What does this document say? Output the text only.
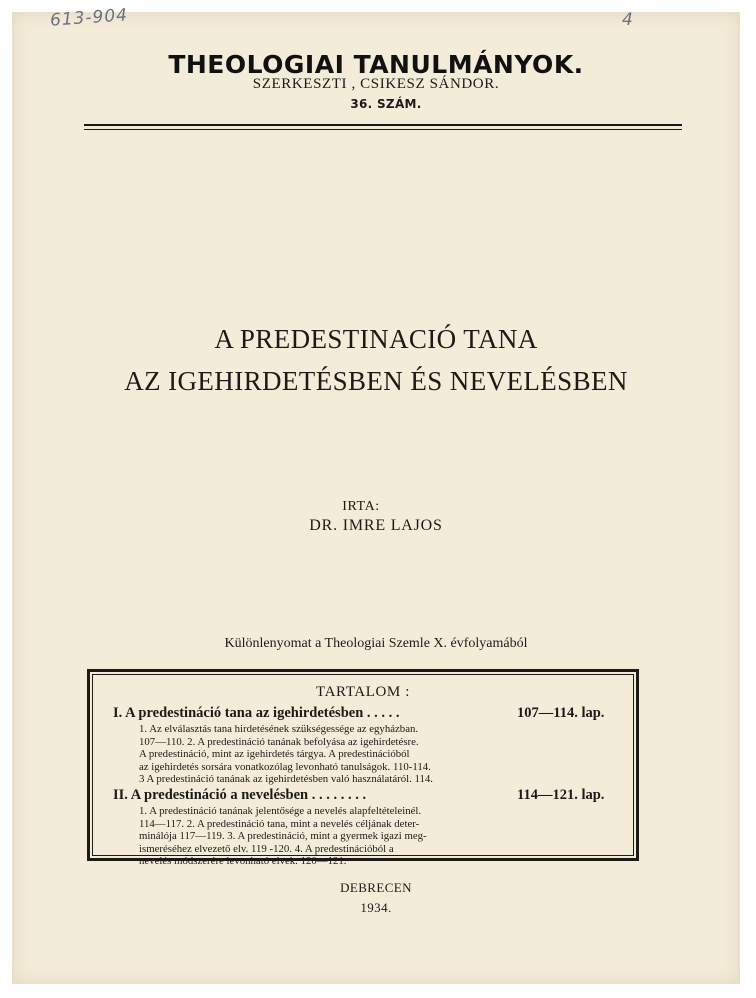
613-904	4
THEOLOGIAI TANULMÁNYOK.
SZERKESZTI , CSIKESZ SÁNDOR.
36. SZÁM.
A PREDESTINACIÓ TANA
AZ IGEHIRDETÉSBEN ÉS NEVELÉSBEN
IRTA:
DR. IMRE LAJOS
Különlenyomat a Theologiai Szemle X. évfolyamából
TARTALOM :
I. A predestináció tana az igehirdetésben . . . . .	107—114. lap.
1. Az elválasztás tana hirdetésének szükségessége az egyházban.
107—110. 2. A predestináció tanának befolyása az igehirdetésre.
A predestináció, mint az igehirdetés tárgya. A predestinációból
az igehirdetés sorsára vonatkozólag levonható tanulságok. 110-114.
3 A predestináció tanának az igehirdetésben való használatáról. 114.
II. A predestináció a nevelésben . . . . . . . .	114—121. lap.
1. A predestináció tanának jelentősége a nevelés alapfeltételeinél.
114—117. 2. A predestináció tana, mint a nevelés céljának deter-
minálója 117—119. 3. A predestináció, mint a gyermek igazi meg-
ismeréséhez elvezető elv. 119 -120. 4. A predestinációból a
nevelés módszerére levonható elvek. 120—121.
DEBRECEN
1934.
